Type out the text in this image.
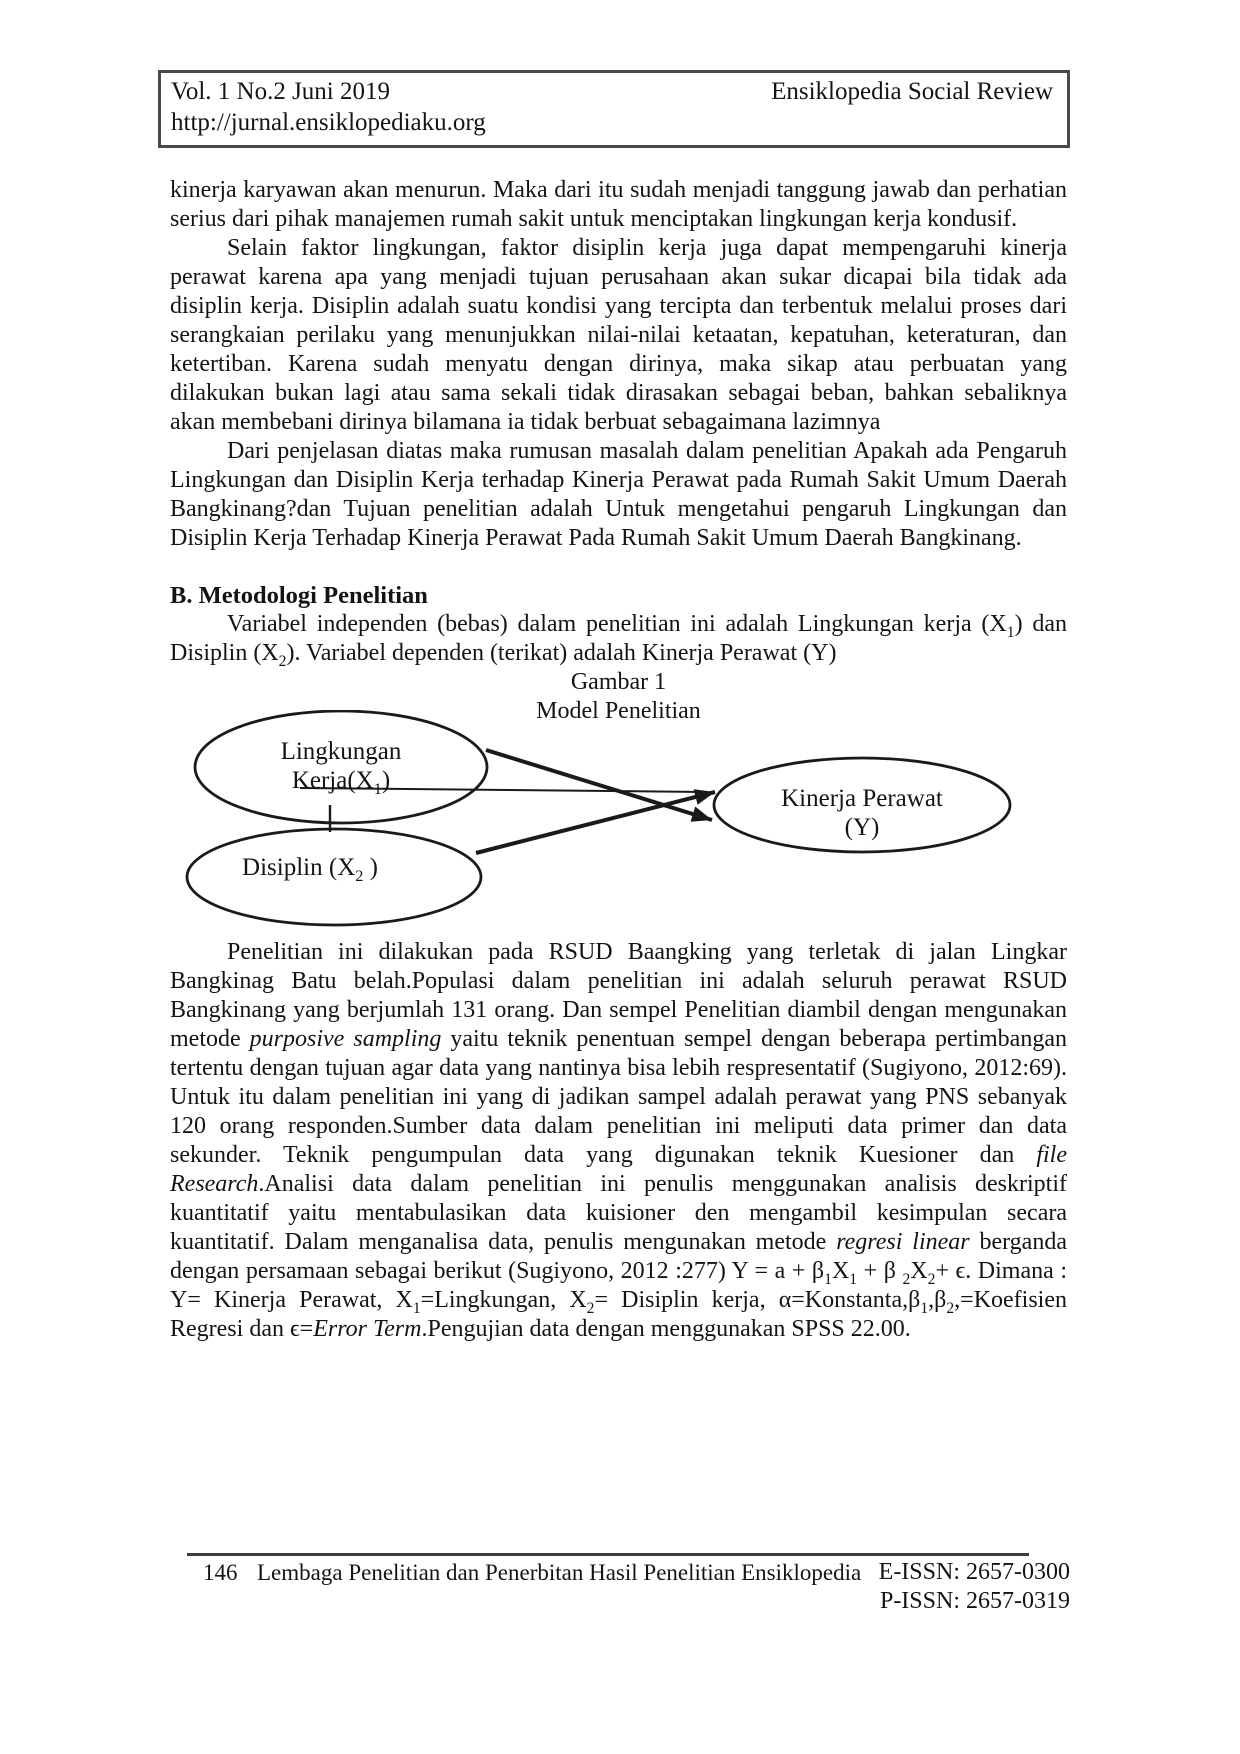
Vol. 1 No.2 Juni 2019	Ensiklopedia Social Review
http://jurnal.ensiklopediaku.org

kinerja karyawan akan menurun. Maka dari itu sudah menjadi tanggung jawab dan perhatian serius dari pihak manajemen rumah sakit untuk menciptakan lingkungan kerja kondusif.

Selain faktor lingkungan, faktor disiplin kerja juga dapat mempengaruhi kinerja perawat karena apa yang menjadi tujuan perusahaan akan sukar dicapai bila tidak ada disiplin kerja. Disiplin adalah suatu kondisi yang tercipta dan terbentuk melalui proses dari serangkaian perilaku yang menunjukkan nilai-nilai ketaatan, kepatuhan, keteraturan, dan ketertiban. Karena sudah menyatu dengan dirinya, maka sikap atau perbuatan yang dilakukan bukan lagi atau sama sekali tidak dirasakan sebagai beban, bahkan sebaliknya akan membebani dirinya bilamana ia tidak berbuat sebagaimana lazimnya

Dari penjelasan diatas maka rumusan masalah dalam penelitian Apakah ada Pengaruh Lingkungan dan Disiplin Kerja terhadap Kinerja Perawat pada Rumah Sakit Umum Daerah Bangkinang?dan Tujuan penelitian adalah Untuk mengetahui pengaruh Lingkungan dan Disiplin Kerja Terhadap Kinerja Perawat Pada Rumah Sakit Umum Daerah Bangkinang.

B. Metodologi Penelitian

Variabel independen (bebas) dalam penelitian ini adalah Lingkungan kerja $(X_1)$ dan Disiplin $(X_2)$. Variabel dependen (terikat) adalah Kinerja Perawat (Y)

Gambar 1
Model Penelitian
Lingkungan
$Kerja(X_1)$
Disiplin ($X_2$ )
Kinerja Perawat
(Y)

Penelitian ini dilakukan pada RSUD Baangking yang terletak di jalan Lingkar Bangkinag Batu belah.Populasi dalam penelitian ini adalah seluruh perawat RSUD Bangkinang yang berjumlah 131 orang. Dan sempel Penelitian diambil dengan mengunakan metode purposive sampling yaitu teknik penentuan sempel dengan beberapa pertimbangan tertentu dengan tujuan agar data yang nantinya bisa lebih respresentatif (Sugiyono, 2012:69). Untuk itu dalam penelitian ini yang di jadikan sampel adalah perawat yang PNS sebanyak 120 orang responden.Sumber data dalam penelitian ini meliputi data primer dan data sekunder. Teknik pengumpulan data yang digunakan teknik Kuesioner dan file Research.Analisi data dalam penelitian ini penulis menggunakan analisis deskriptif kuantitatif yaitu mentabulasikan data kuisioner den mengambil kesimpulan secara kuantitatif. Dalam menganalisa data, penulis mengunakan metode regresi linear berganda dengan persamaan sebagai berikut (Sugiyono, 2012 :277) $Y = a + \beta_1X_1 + \beta$ $_2X_2+ \epsilon$. Dimana : Y= Kinerja Perawat, $X_1=Lingkungan$, $X_2=$ Disiplin kerja, $\alpha=Konstanta,\beta_1,\beta_2,=Koefisien$ Regresi dan ϵ=Error Term.Pengujian data dengan menggunakan SPSS 22.00.

146 Lembaga Penelitian dan Penerbitan Hasil Penelitian Ensiklopedia E-ISSN: 2657-0300
P-ISSN: 2657-0319
